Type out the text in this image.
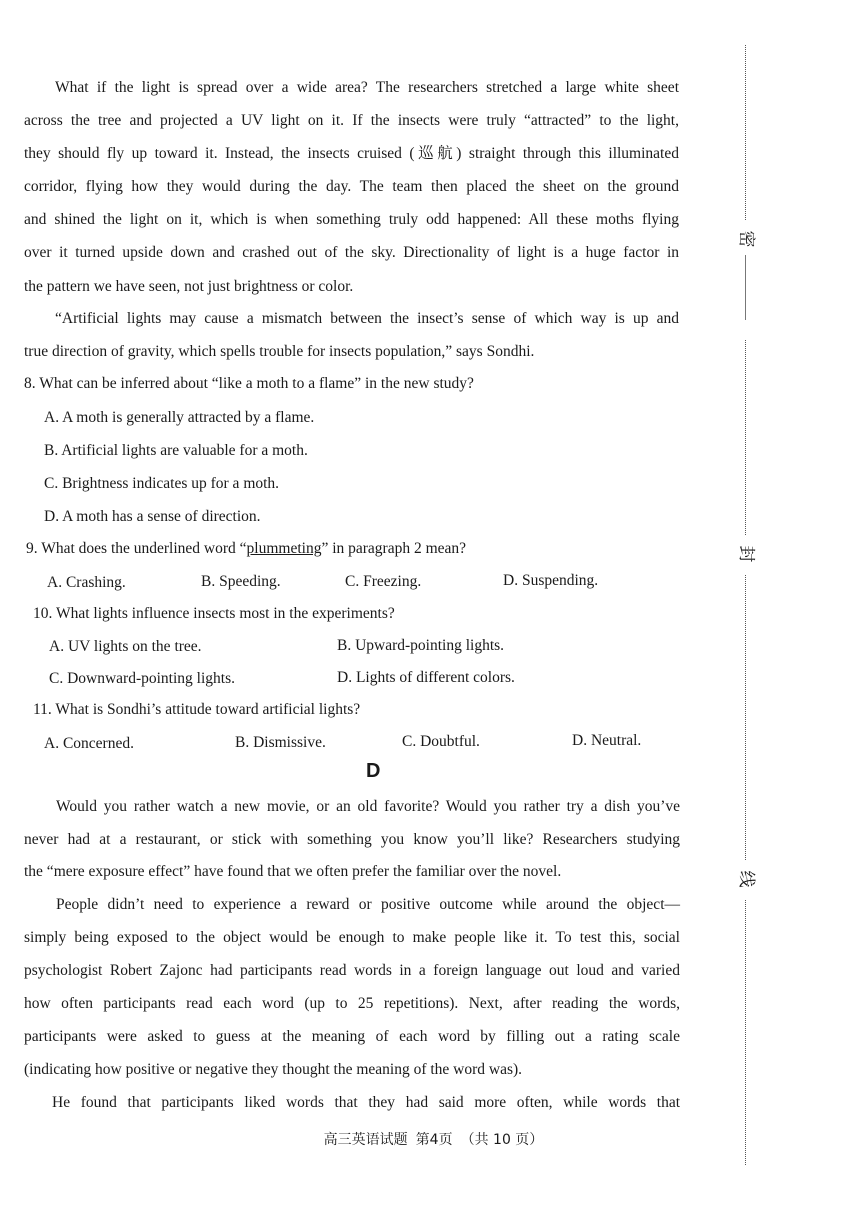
What if the light is spread over a wide area? The researchers stretched a large white sheet
across the tree and projected a UV light on it. If the insects were truly “attracted” to the light,
they should fly up toward it. Instead, the insects cruised (巡航) straight through this illuminated
corridor, flying how they would during the day. The team then placed the sheet on the ground
and shined the light on it, which is when something truly odd happened: All these moths flying
over it turned upside down and crashed out of the sky. Directionality of light is a huge factor in
the pattern we have seen, not just brightness or color.
“Artificial lights may cause a mismatch between the insect’s sense of which way is up and
true direction of gravity, which spells trouble for insects population,” says Sondhi.
8. What can be inferred about “like a moth to a flame” in the new study?
A. A moth is generally attracted by a flame.
B. Artificial lights are valuable for a moth.
C. Brightness indicates up for a moth.
D. A moth has a sense of direction.
9. What does the underlined word “plummeting” in paragraph 2 mean?
A. Crashing.	B. Speeding.	C. Freezing.	D. Suspending.
10. What lights influence insects most in the experiments?
A. UV lights on the tree.	B. Upward-pointing lights.
C. Downward-pointing lights.	D. Lights of different colors.
11. What is Sondhi’s attitude toward artificial lights?
A. Concerned.	B. Dismissive.	C. Doubtful.	D. Neutral.
D
Would you rather watch a new movie, or an old favorite? Would you rather try a dish you’ve
never had at a restaurant, or stick with something you know you’ll like? Researchers studying
the “mere exposure effect” have found that we often prefer the familiar over the novel.
People didn’t need to experience a reward or positive outcome while around the object—
simply being exposed to the object would be enough to make people like it. To test this, social
psychologist Robert Zajonc had participants read words in a foreign language out loud and varied
how often participants read each word (up to 25 repetitions). Next, after reading the words,
participants were asked to guess at the meaning of each word by filling out a rating scale
(indicating how positive or negative they thought the meaning of the word was).
He found that participants liked words that they had said more often, while words that
高三英语试题 第4页 （共 10 页）
密
封
线
